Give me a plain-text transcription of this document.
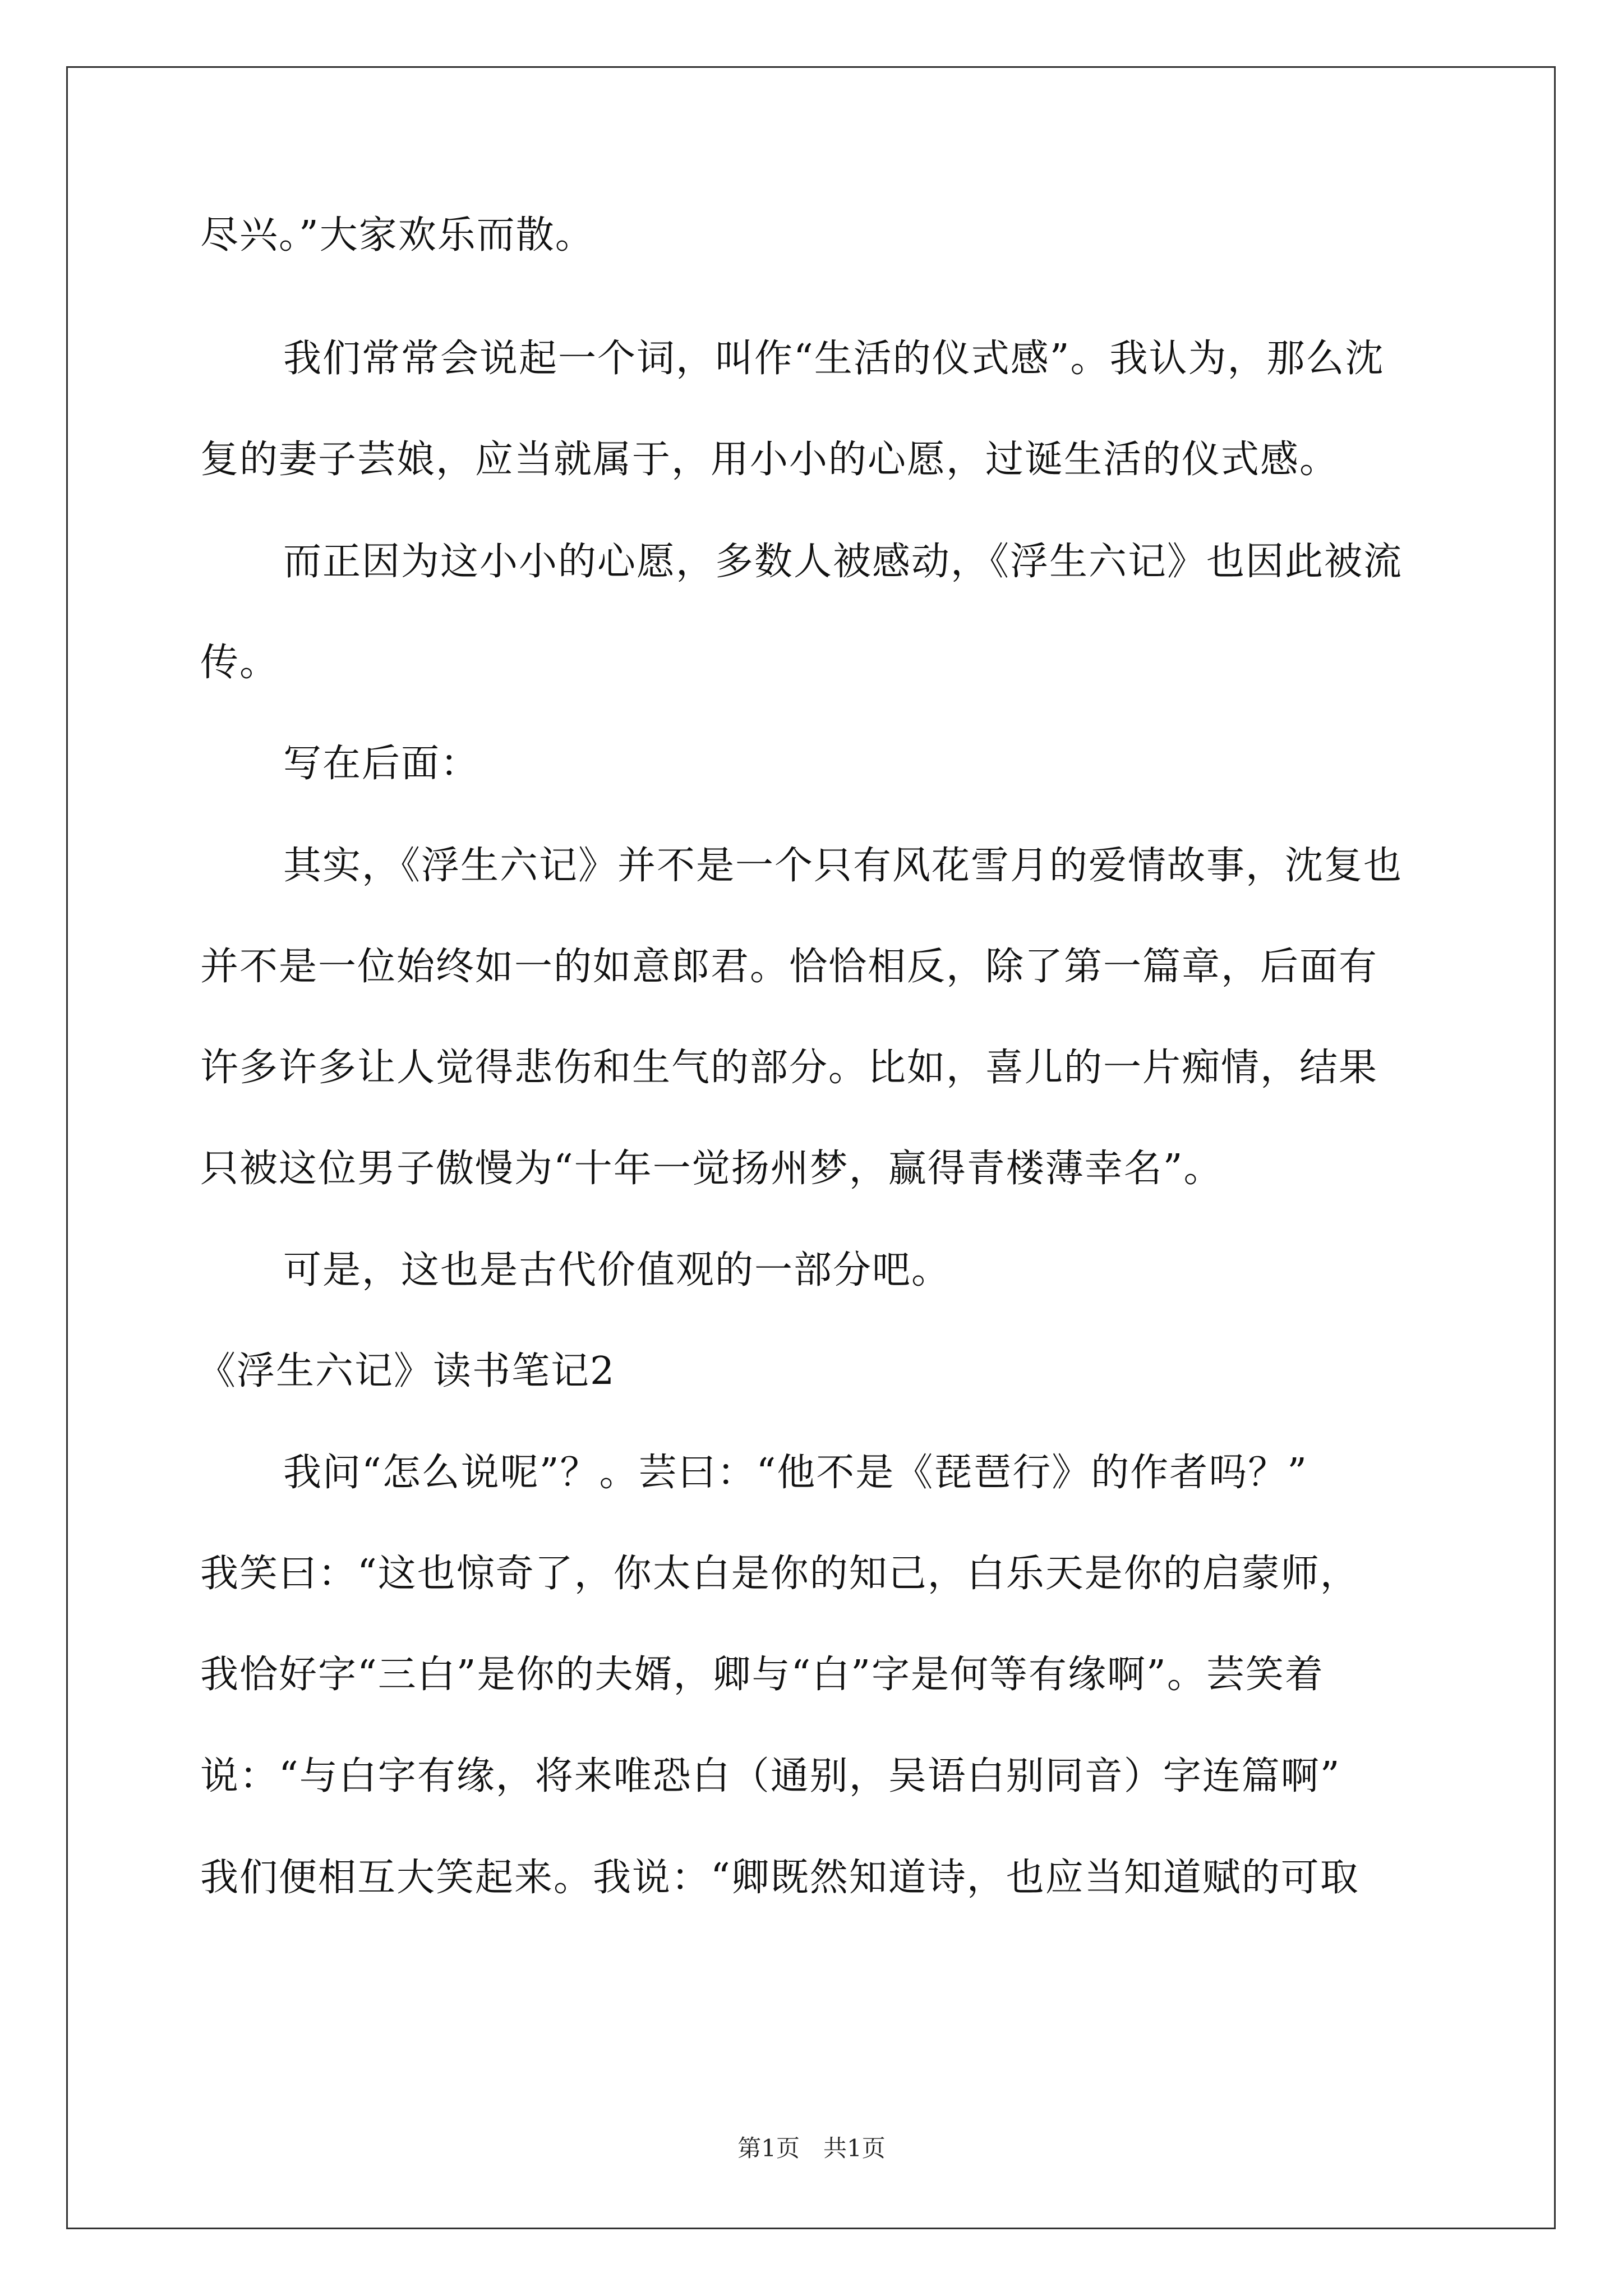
尽兴。”大家欢乐而散。
我们常常会说起一个词，叫作“生活的仪式感”。我认为，那么沈
复的妻子芸娘，应当就属于，用小小的心愿，过诞生活的仪式感。
而正因为这小小的心愿，多数人被感动，《浮生六记》也因此被流
传。
写在后面：
其实，《浮生六记》并不是一个只有风花雪月的爱情故事，沈复也
并不是一位始终如一的如意郎君。恰恰相反，除了第一篇章，后面有
许多许多让人觉得悲伤和生气的部分。比如，喜儿的一片痴情，结果
只被这位男子傲慢为“十年一觉扬州梦，赢得青楼薄幸名”。
可是，这也是古代价值观的一部分吧。
《浮生六记》读书笔记2
我问“怎么说呢”？。芸曰：“他不是《琵琶行》的作者吗？”
我笑曰：“这也惊奇了，你太白是你的知己，白乐天是你的启蒙师，
我恰好字“三白”是你的夫婿，卿与“白”字是何等有缘啊”。芸笑着
说：“与白字有缘，将来唯恐白（通别，吴语白别同音）字连篇啊”
我们便相互大笑起来。我说：“卿既然知道诗，也应当知道赋的可取
第1页　共1页
